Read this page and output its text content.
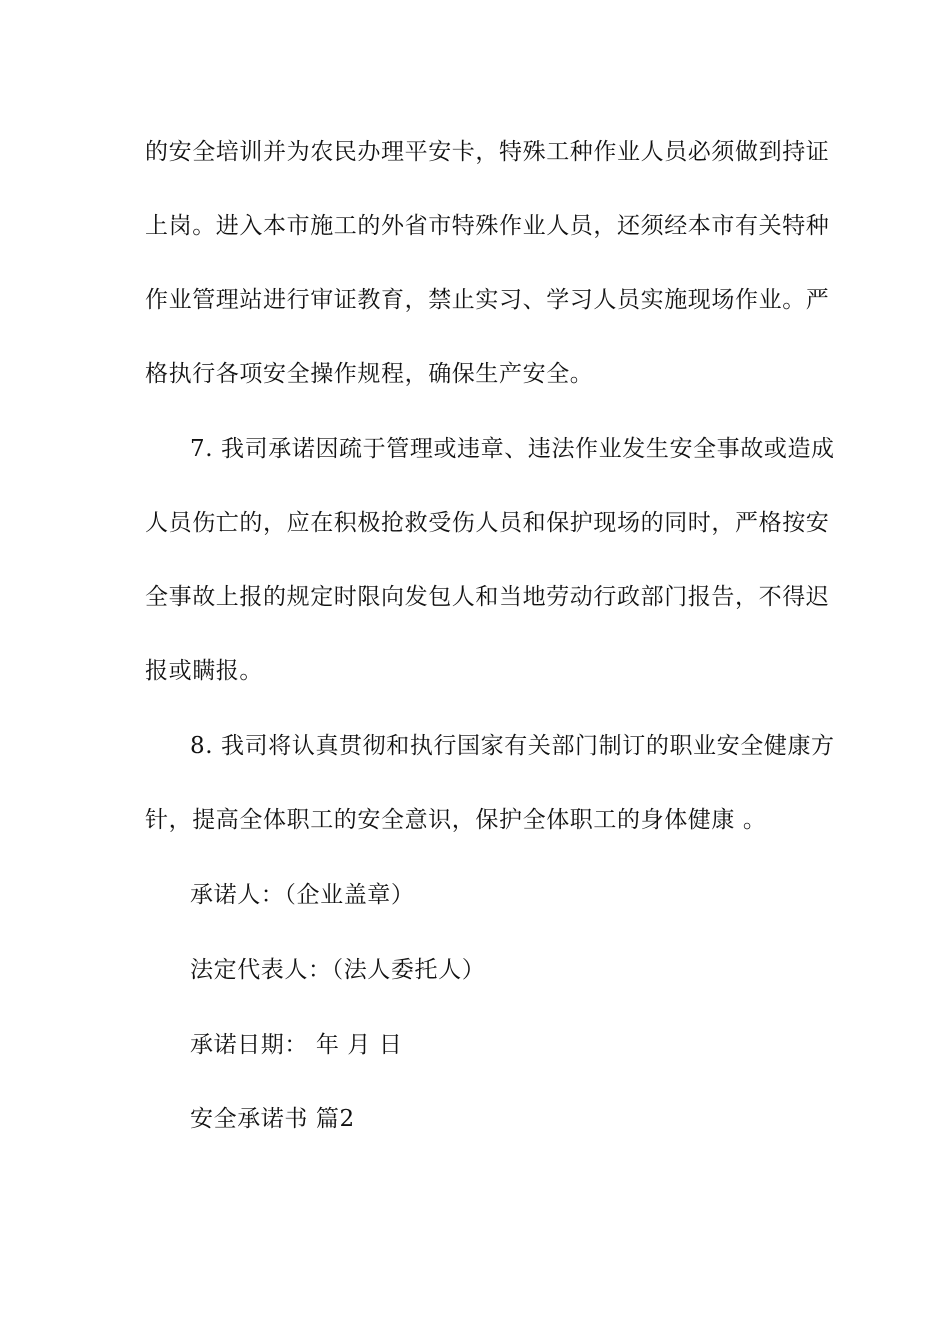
的安全培训并为农民办理平安卡，特殊工种作业人员必须做到持证
上岗。进入本市施工的外省市特殊作业人员，还须经本市有关特种
作业管理站进行审证教育，禁止实习、学习人员实施现场作业。严
格执行各项安全操作规程，确保生产安全。
7. 我司承诺因疏于管理或违章、违法作业发生安全事故或造成
人员伤亡的，应在积极抢救受伤人员和保护现场的同时，严格按安
全事故上报的规定时限向发包人和当地劳动行政部门报告，不得迟
报或瞒报。
8. 我司将认真贯彻和执行国家有关部门制订的职业安全健康方
针，提高全体职工的安全意识，保护全体职工的身体健康 。
承诺人：（企业盖章）
法定代表人：（法人委托人）
承诺日期： 年 月 日
安全承诺书 篇2
